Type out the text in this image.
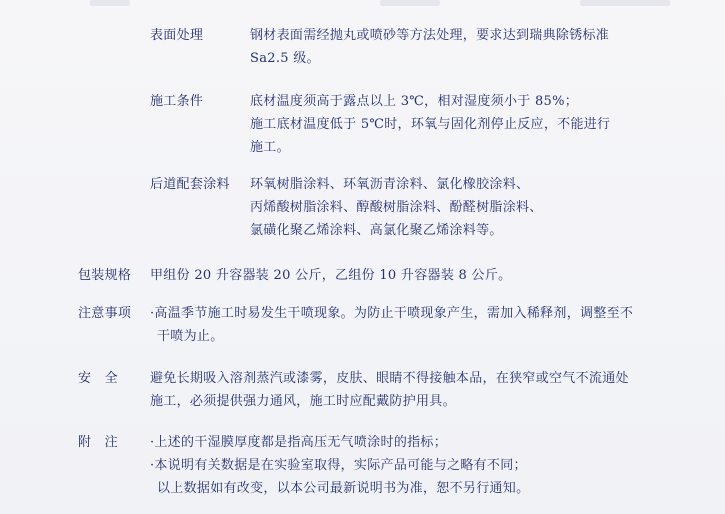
表面处理	钢材表面需经抛丸或喷砂等方法处理，要求达到瑞典除锈标准
Sa2.5 级。
施工条件	底材温度须高于露点以上 3℃，相对湿度须小于 85%；
施工底材温度低于 5℃时，环氧与固化剂停止反应，不能进行
施工。
后道配套涂料 环氧树脂涂料、环氧沥青涂料、氯化橡胶涂料、
丙烯酸树脂涂料、醇酸树脂涂料、酚醛树脂涂料、
氯磺化聚乙烯涂料、高氯化聚乙烯涂料等。
包装规格 甲组份 20 升容器装 20 公斤，乙组份 10 升容器装 8 公斤。
注意事项 ·高温季节施工时易发生干喷现象。为防止干喷现象产生，需加入稀释剂，调整至不
干喷为止。
安　全 避免长期吸入溶剂蒸汽或漆雾，皮肤、眼睛不得接触本品，在狭窄或空气不流通处
施工，必须提供强力通风，施工时应配戴防护用具。
附　注 ·上述的干湿膜厚度都是指高压无气喷涂时的指标；
·本说明有关数据是在实验室取得，实际产品可能与之略有不同；
以上数据如有改变，以本公司最新说明书为准，恕不另行通知。
